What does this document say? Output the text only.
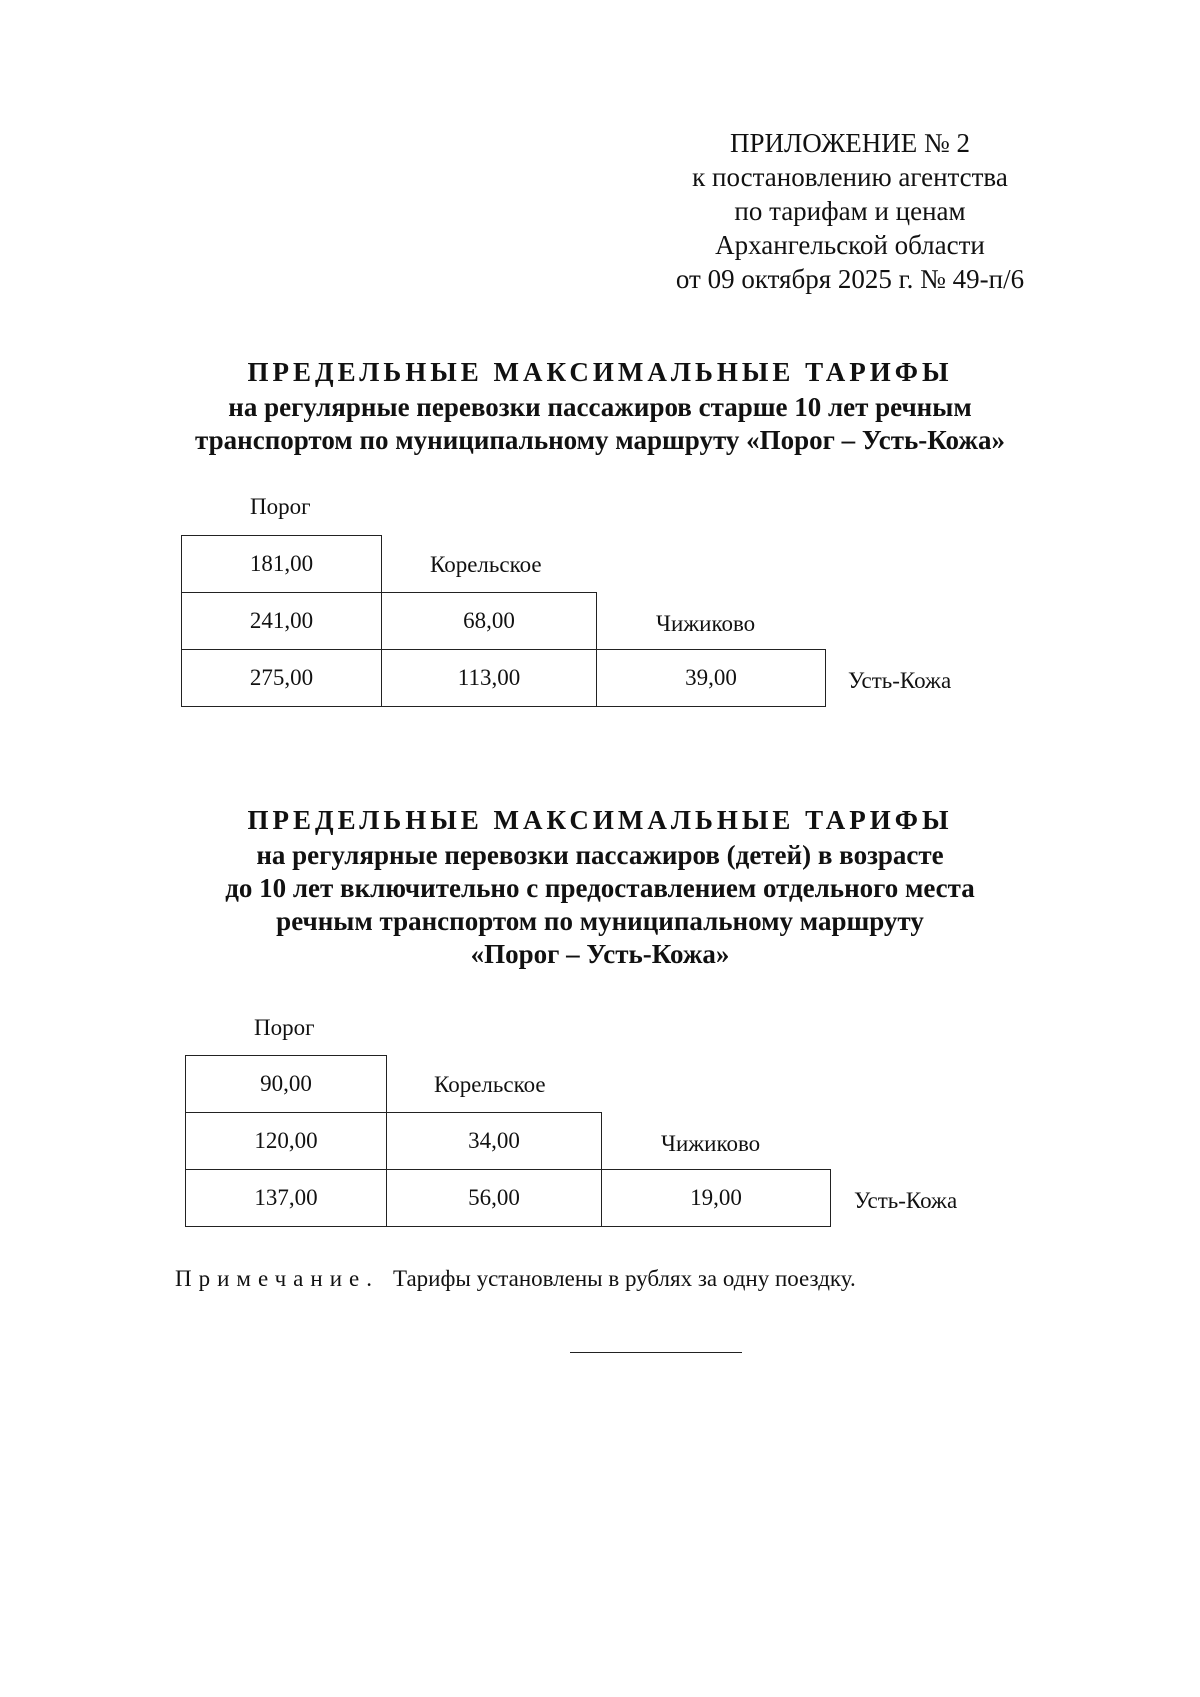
ПРИЛОЖЕНИЕ № 2
к постановлению агентства
по тарифам и ценам
Архангельской области
от 09 октября 2025 г. № 49-п/6
ПРЕДЕЛЬНЫЕ МАКСИМАЛЬНЫЕ ТАРИФЫ
на регулярные перевозки пассажиров старше 10 лет речным
транспортом по муниципальному маршруту «Порог – Усть-Кожа»
Порог
181,00	Корельское
241,00	68,00	Чижиково
275,00	113,00	39,00	Усть-Кожа
ПРЕДЕЛЬНЫЕ МАКСИМАЛЬНЫЕ ТАРИФЫ
на регулярные перевозки пассажиров (детей) в возрасте
до 10 лет включительно с предоставлением отдельного места
речным транспортом по муниципальному маршруту
«Порог – Усть-Кожа»
Порог
90,00	Корельское
120,00	34,00	Чижиково
137,00	56,00	19,00	Усть-Кожа
Примечание. Тарифы установлены в рублях за одну поездку.
